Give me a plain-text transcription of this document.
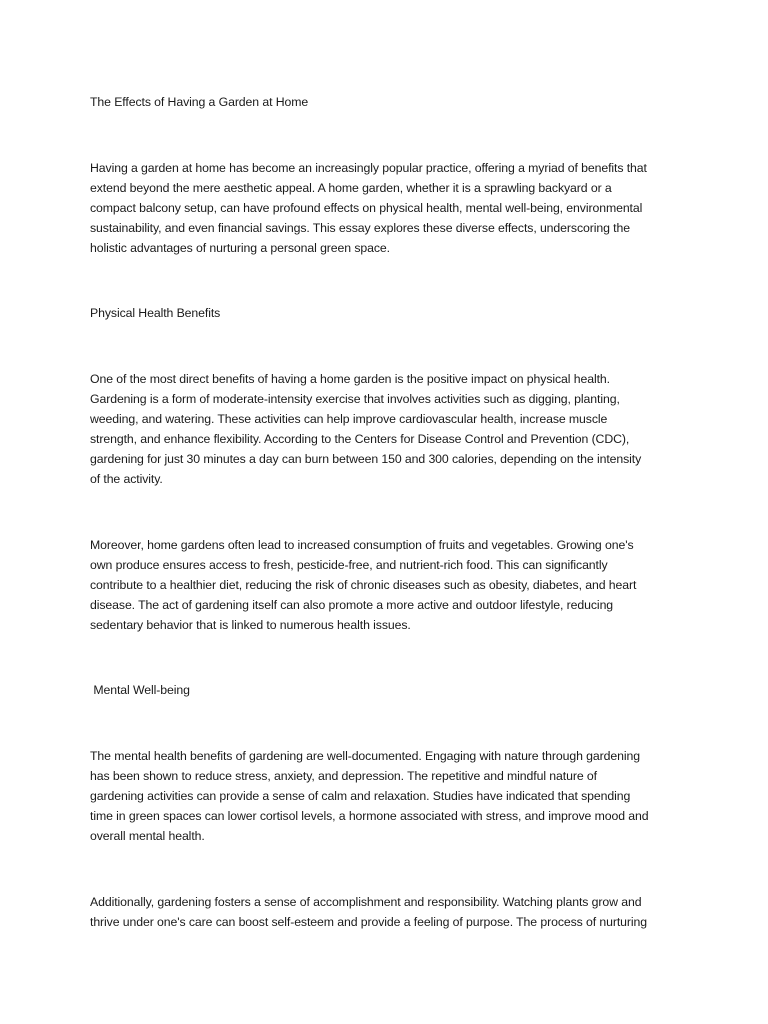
The Effects of Having a Garden at Home
Having a garden at home has become an increasingly popular practice, offering a myriad of benefits that
extend beyond the mere aesthetic appeal. A home garden, whether it is a sprawling backyard or a
compact balcony setup, can have profound effects on physical health, mental well-being, environmental
sustainability, and even financial savings. This essay explores these diverse effects, underscoring the
holistic advantages of nurturing a personal green space.
Physical Health Benefits
One of the most direct benefits of having a home garden is the positive impact on physical health.
Gardening is a form of moderate-intensity exercise that involves activities such as digging, planting,
weeding, and watering. These activities can help improve cardiovascular health, increase muscle
strength, and enhance flexibility. According to the Centers for Disease Control and Prevention (CDC),
gardening for just 30 minutes a day can burn between 150 and 300 calories, depending on the intensity
of the activity.
Moreover, home gardens often lead to increased consumption of fruits and vegetables. Growing one's
own produce ensures access to fresh, pesticide-free, and nutrient-rich food. This can significantly
contribute to a healthier diet, reducing the risk of chronic diseases such as obesity, diabetes, and heart
disease. The act of gardening itself can also promote a more active and outdoor lifestyle, reducing
sedentary behavior that is linked to numerous health issues.
Mental Well-being
The mental health benefits of gardening are well-documented. Engaging with nature through gardening
has been shown to reduce stress, anxiety, and depression. The repetitive and mindful nature of
gardening activities can provide a sense of calm and relaxation. Studies have indicated that spending
time in green spaces can lower cortisol levels, a hormone associated with stress, and improve mood and
overall mental health.
Additionally, gardening fosters a sense of accomplishment and responsibility. Watching plants grow and
thrive under one's care can boost self-esteem and provide a feeling of purpose. The process of nurturing
